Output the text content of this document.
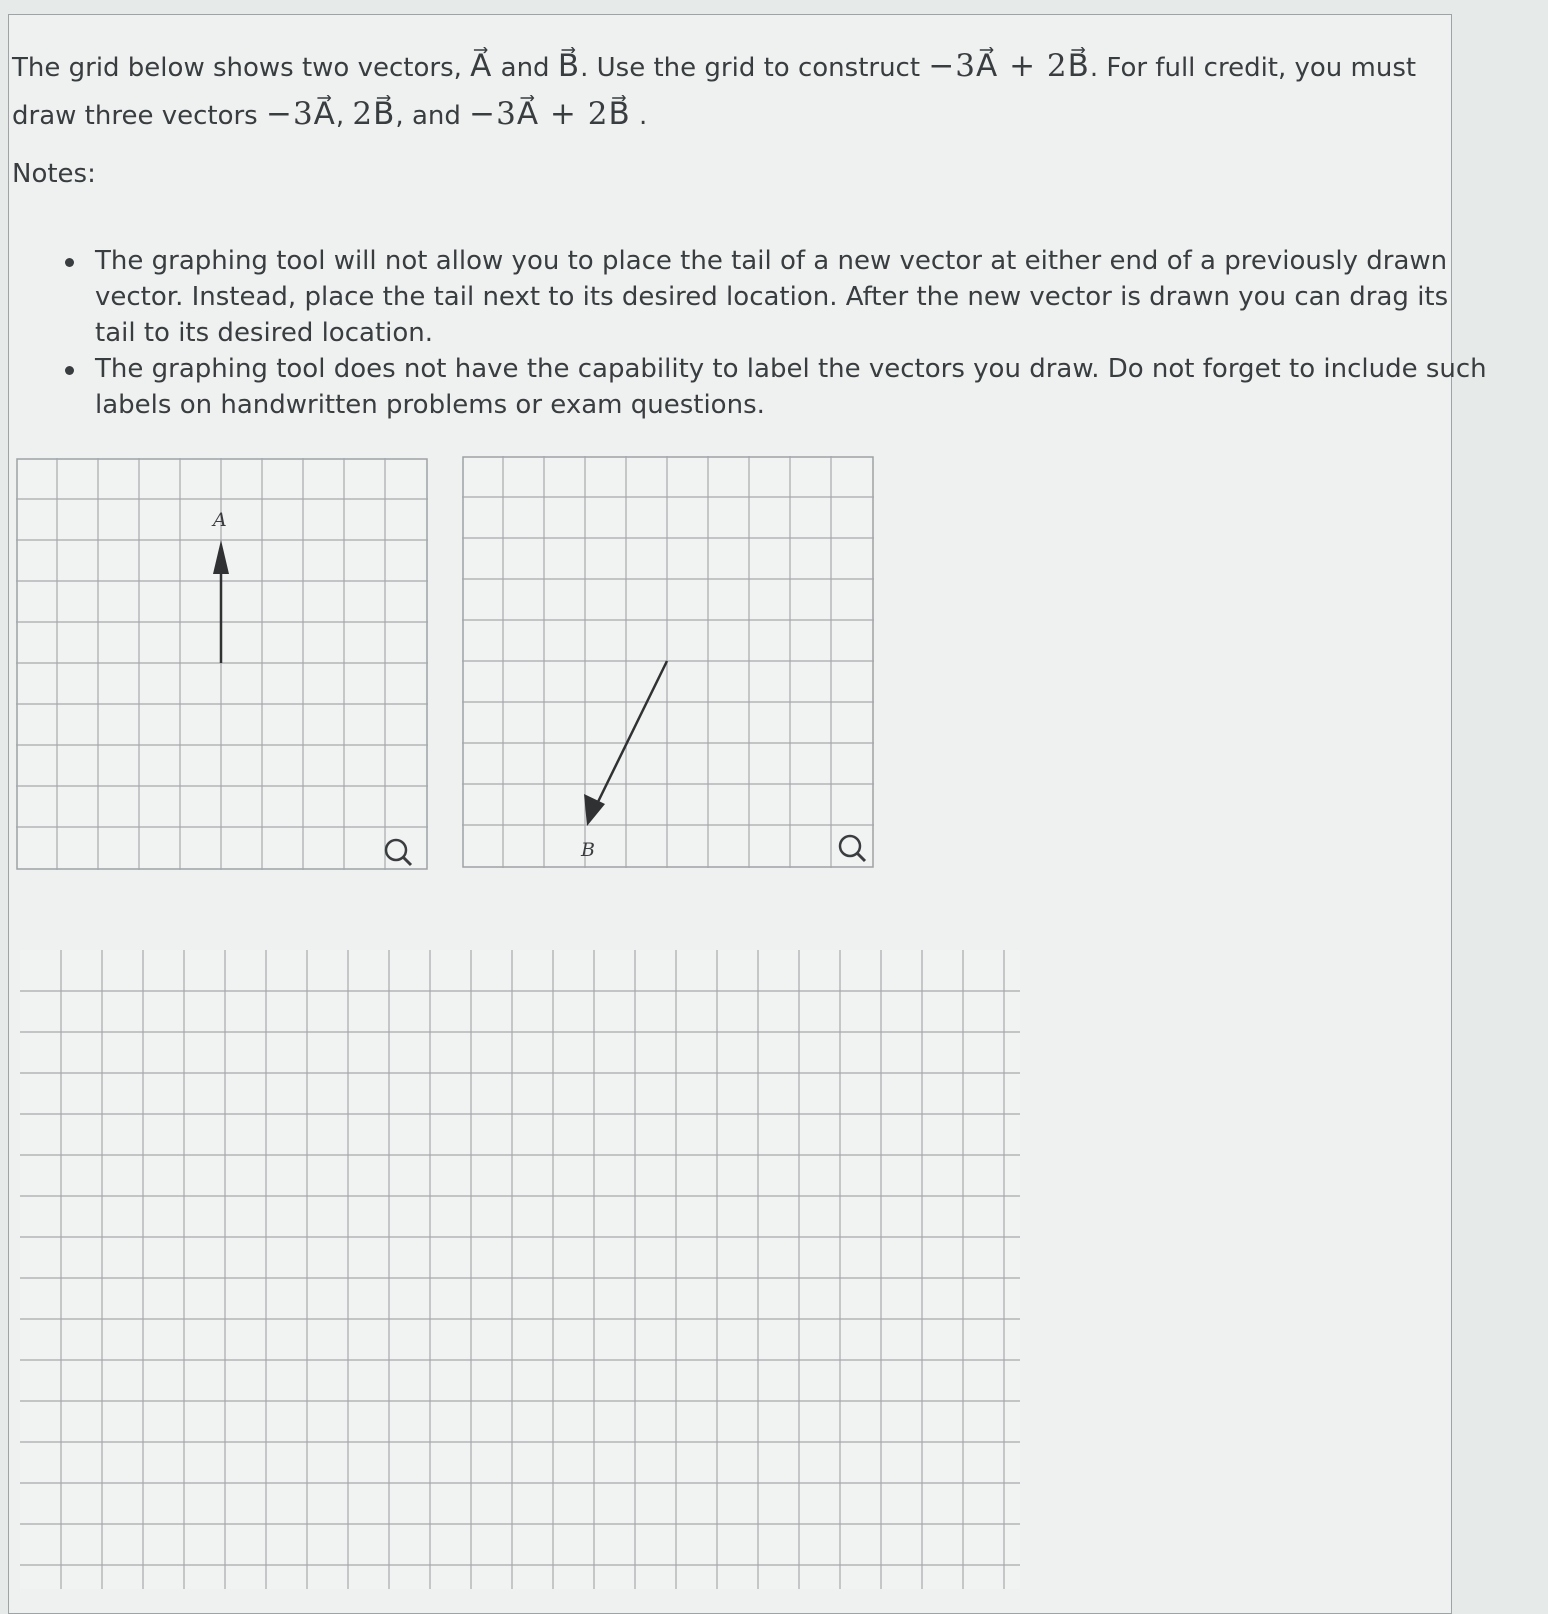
The grid below shows two vectors, A⃗ and B⃗. Use the grid to construct −3A⃗ + 2B⃗. For full credit, you must draw three vectors −3A⃗, 2B⃗, and −3A⃗ + 2B⃗ .

Notes:

The graphing tool will not allow you to place the tail of a new vector at either end of a previously drawn vector. Instead, place the tail next to its desired location. After the new vector is drawn you can drag its tail to its desired location.
The graphing tool does not have the capability to label the vectors you draw. Do not forget to include such labels on handwritten problems or exam questions.
A
B
